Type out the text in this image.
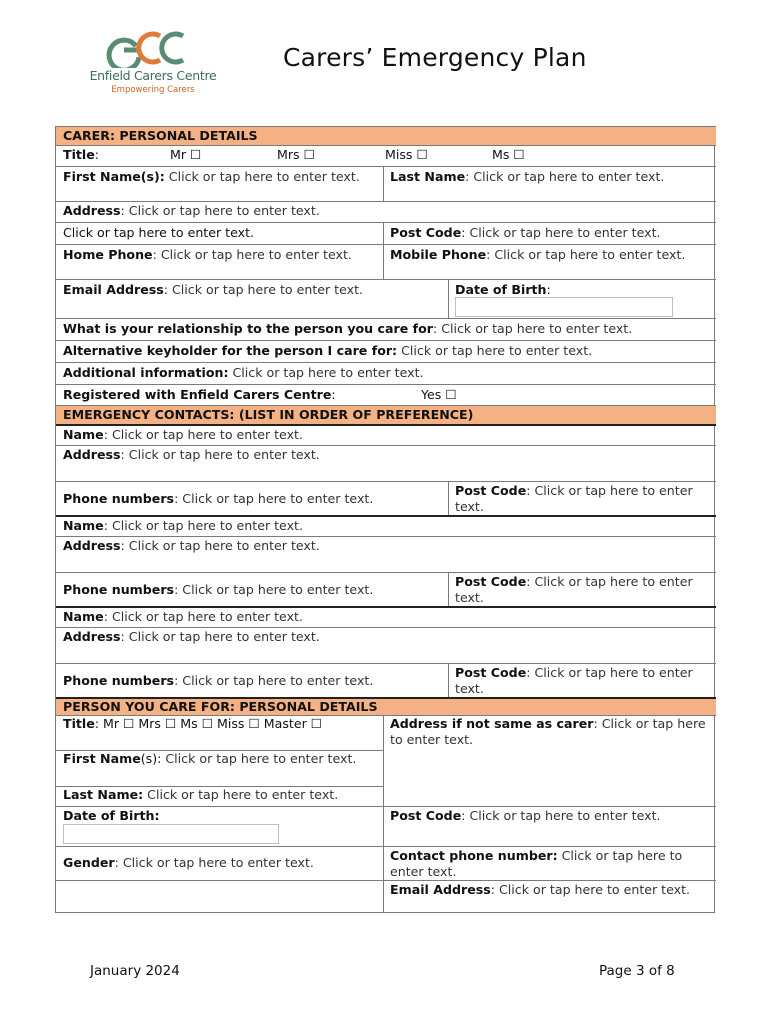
Enfield Carers Centre
Empowering Carers
Carers’ Emergency Plan
CARER: PERSONAL DETAILS
Title:	Mr ☐	Mrs ☐	Miss ☐	Ms ☐
First Name(s): Click or tap here to enter text.	Last Name: Click or tap here to enter text.
Address: Click or tap here to enter text.
Click or tap here to enter text.	Post Code: Click or tap here to enter text.
Home Phone: Click or tap here to enter text.	Mobile Phone: Click or tap here to enter text.
Email Address: Click or tap here to enter text.	Date of Birth:
What is your relationship to the person you care for: Click or tap here to enter text.
Alternative keyholder for the person I care for: Click or tap here to enter text.
Additional information: Click or tap here to enter text.
Registered with Enfield Carers Centre:	Yes ☐
EMERGENCY CONTACTS: (LIST IN ORDER OF PREFERENCE)
Name: Click or tap here to enter text.
Address: Click or tap here to enter text.
Phone numbers: Click or tap here to enter text.
Post Code: Click or tap here to enter text.
Name: Click or tap here to enter text.
Address: Click or tap here to enter text.
Phone numbers: Click or tap here to enter text.
Post Code: Click or tap here to enter text.
Name: Click or tap here to enter text.
Address: Click or tap here to enter text.
Phone numbers: Click or tap here to enter text.
Post Code: Click or tap here to enter text.
PERSON YOU CARE FOR: PERSONAL DETAILS
Title: Mr ☐ Mrs ☐ Ms ☐ Miss ☐ Master ☐
First Name(s): Click or tap here to enter text.
Last Name: Click or tap here to enter text.
Address if not same as carer: Click or tap here to enter text.
Date of Birth:	Post Code: Click or tap here to enter text.
Gender: Click or tap here to enter text.	Contact phone number: Click or tap here to enter text.
Email Address: Click or tap here to enter text.
January 2024	Page 3 of 8
